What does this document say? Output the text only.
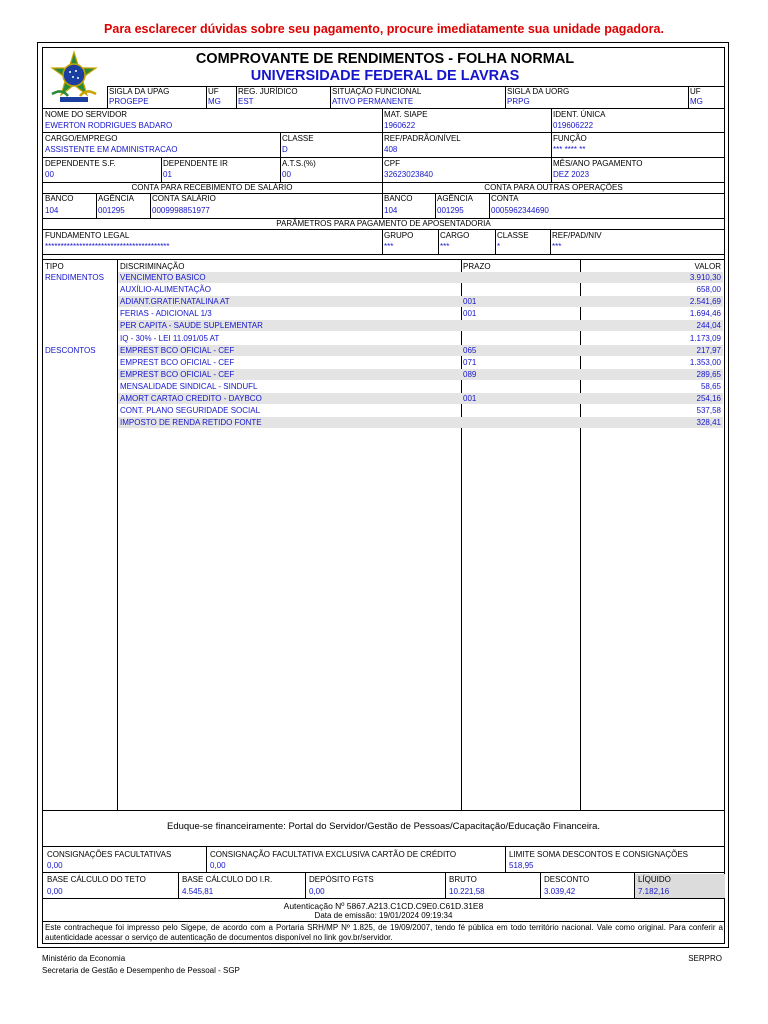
Para esclarecer dúvidas sobre seu pagamento, procure imediatamente sua unidade pagadora.
COMPROVANTE DE RENDIMENTOS - FOLHA NORMAL
UNIVERSIDADE FEDERAL DE LAVRAS
SIGLA DA UPAG
PROGEPE
UF
MG
REG. JURÍDICO
EST
SITUAÇÃO FUNCIONAL
ATIVO PERMANENTE
SIGLA DA UORG
PRPG
UF
MG
NOME DO SERVIDOR
EWERTON RODRIGUES BADARO
MAT. SIAPE
1960622
IDENT. ÚNICA
019606222
CARGO/EMPREGO
ASSISTENTE EM ADMINISTRACAO
CLASSE
D
REF/PADRÃO/NÍVEL
408
FUNÇÃO
*** **** **
DEPENDENTE S.F.
00
DEPENDENTE IR
01
A.T.S.(%)
00
CPF
32623023840
MÊS/ANO PAGAMENTO
DEZ 2023
CONTA PARA RECEBIMENTO DE SALÁRIO	CONTA PARA OUTRAS OPERAÇÕES
BANCO
104
AGÊNCIA
001295
CONTA SALÁRIO
0009998851977
BANCO
104
AGÊNCIA
001295
CONTA
0005962344690
PARÂMETROS PARA PAGAMENTO DE APOSENTADORIA
FUNDAMENTO LEGAL
****************************************
GRUPO
***
CARGO
***
CLASSE
*
REF/PAD/NIV
***
TIPO	DISCRIMINAÇÃO	PRAZO	VALOR
RENDIMENTOS VENCIMENTO BASICO	3.910,30
AUXÍLIO-ALIMENTAÇÃO	658,00
ADIANT.GRATIF.NATALINA AT	001	2.541,69
FERIAS - ADICIONAL 1/3	001	1.694,46
PER CAPITA - SAUDE SUPLEMENTAR	244,04
IQ - 30% - LEI 11.091/05 AT	1.173,09
DESCONTOS	EMPREST BCO OFICIAL - CEF	065	217,97
EMPREST BCO OFICIAL - CEF	071	1.353,00
EMPREST BCO OFICIAL - CEF	089	289,65
MENSALIDADE SINDICAL - SINDUFL	58,65
AMORT CARTAO CREDITO - DAYBCO	001	254,16
CONT. PLANO SEGURIDADE SOCIAL	537,58
IMPOSTO DE RENDA RETIDO FONTE	328,41
Eduque-se financeiramente: Portal do Servidor/Gestão de Pessoas/Capacitação/Educação Financeira.
CONSIGNAÇÕES FACULTATIVAS
0,00
CONSIGNAÇÃO FACULTATIVA EXCLUSIVA CARTÃO DE CRÉDITO
0,00
LIMITE SOMA DESCONTOS E CONSIGNAÇÕES
518,95
BASE CÁLCULO DO TETO
0,00
BASE CÁLCULO DO I.R.
4.545,81
DEPÓSITO FGTS
0,00
BRUTO
10.221,58
DESCONTO
3.039,42
LÍQUIDO
7.182,16
Autenticação Nº 5867.A213.C1CD.C9E0.C61D.31E8
Data de emissão: 19/01/2024 09:19:34
Este contracheque foi impresso pelo Sigepe, de acordo com a Portaria SRH/MP Nº 1.825, de 19/09/2007, tendo fé pública em todo território nacional. Vale como original. Para conferir a autenticidade acessar o serviço de autenticação de documentos disponível no link gov.br/servidor.
Ministério da Economia
Secretaria de Gestão e Desempenho de Pessoal - SGP
SERPRO
